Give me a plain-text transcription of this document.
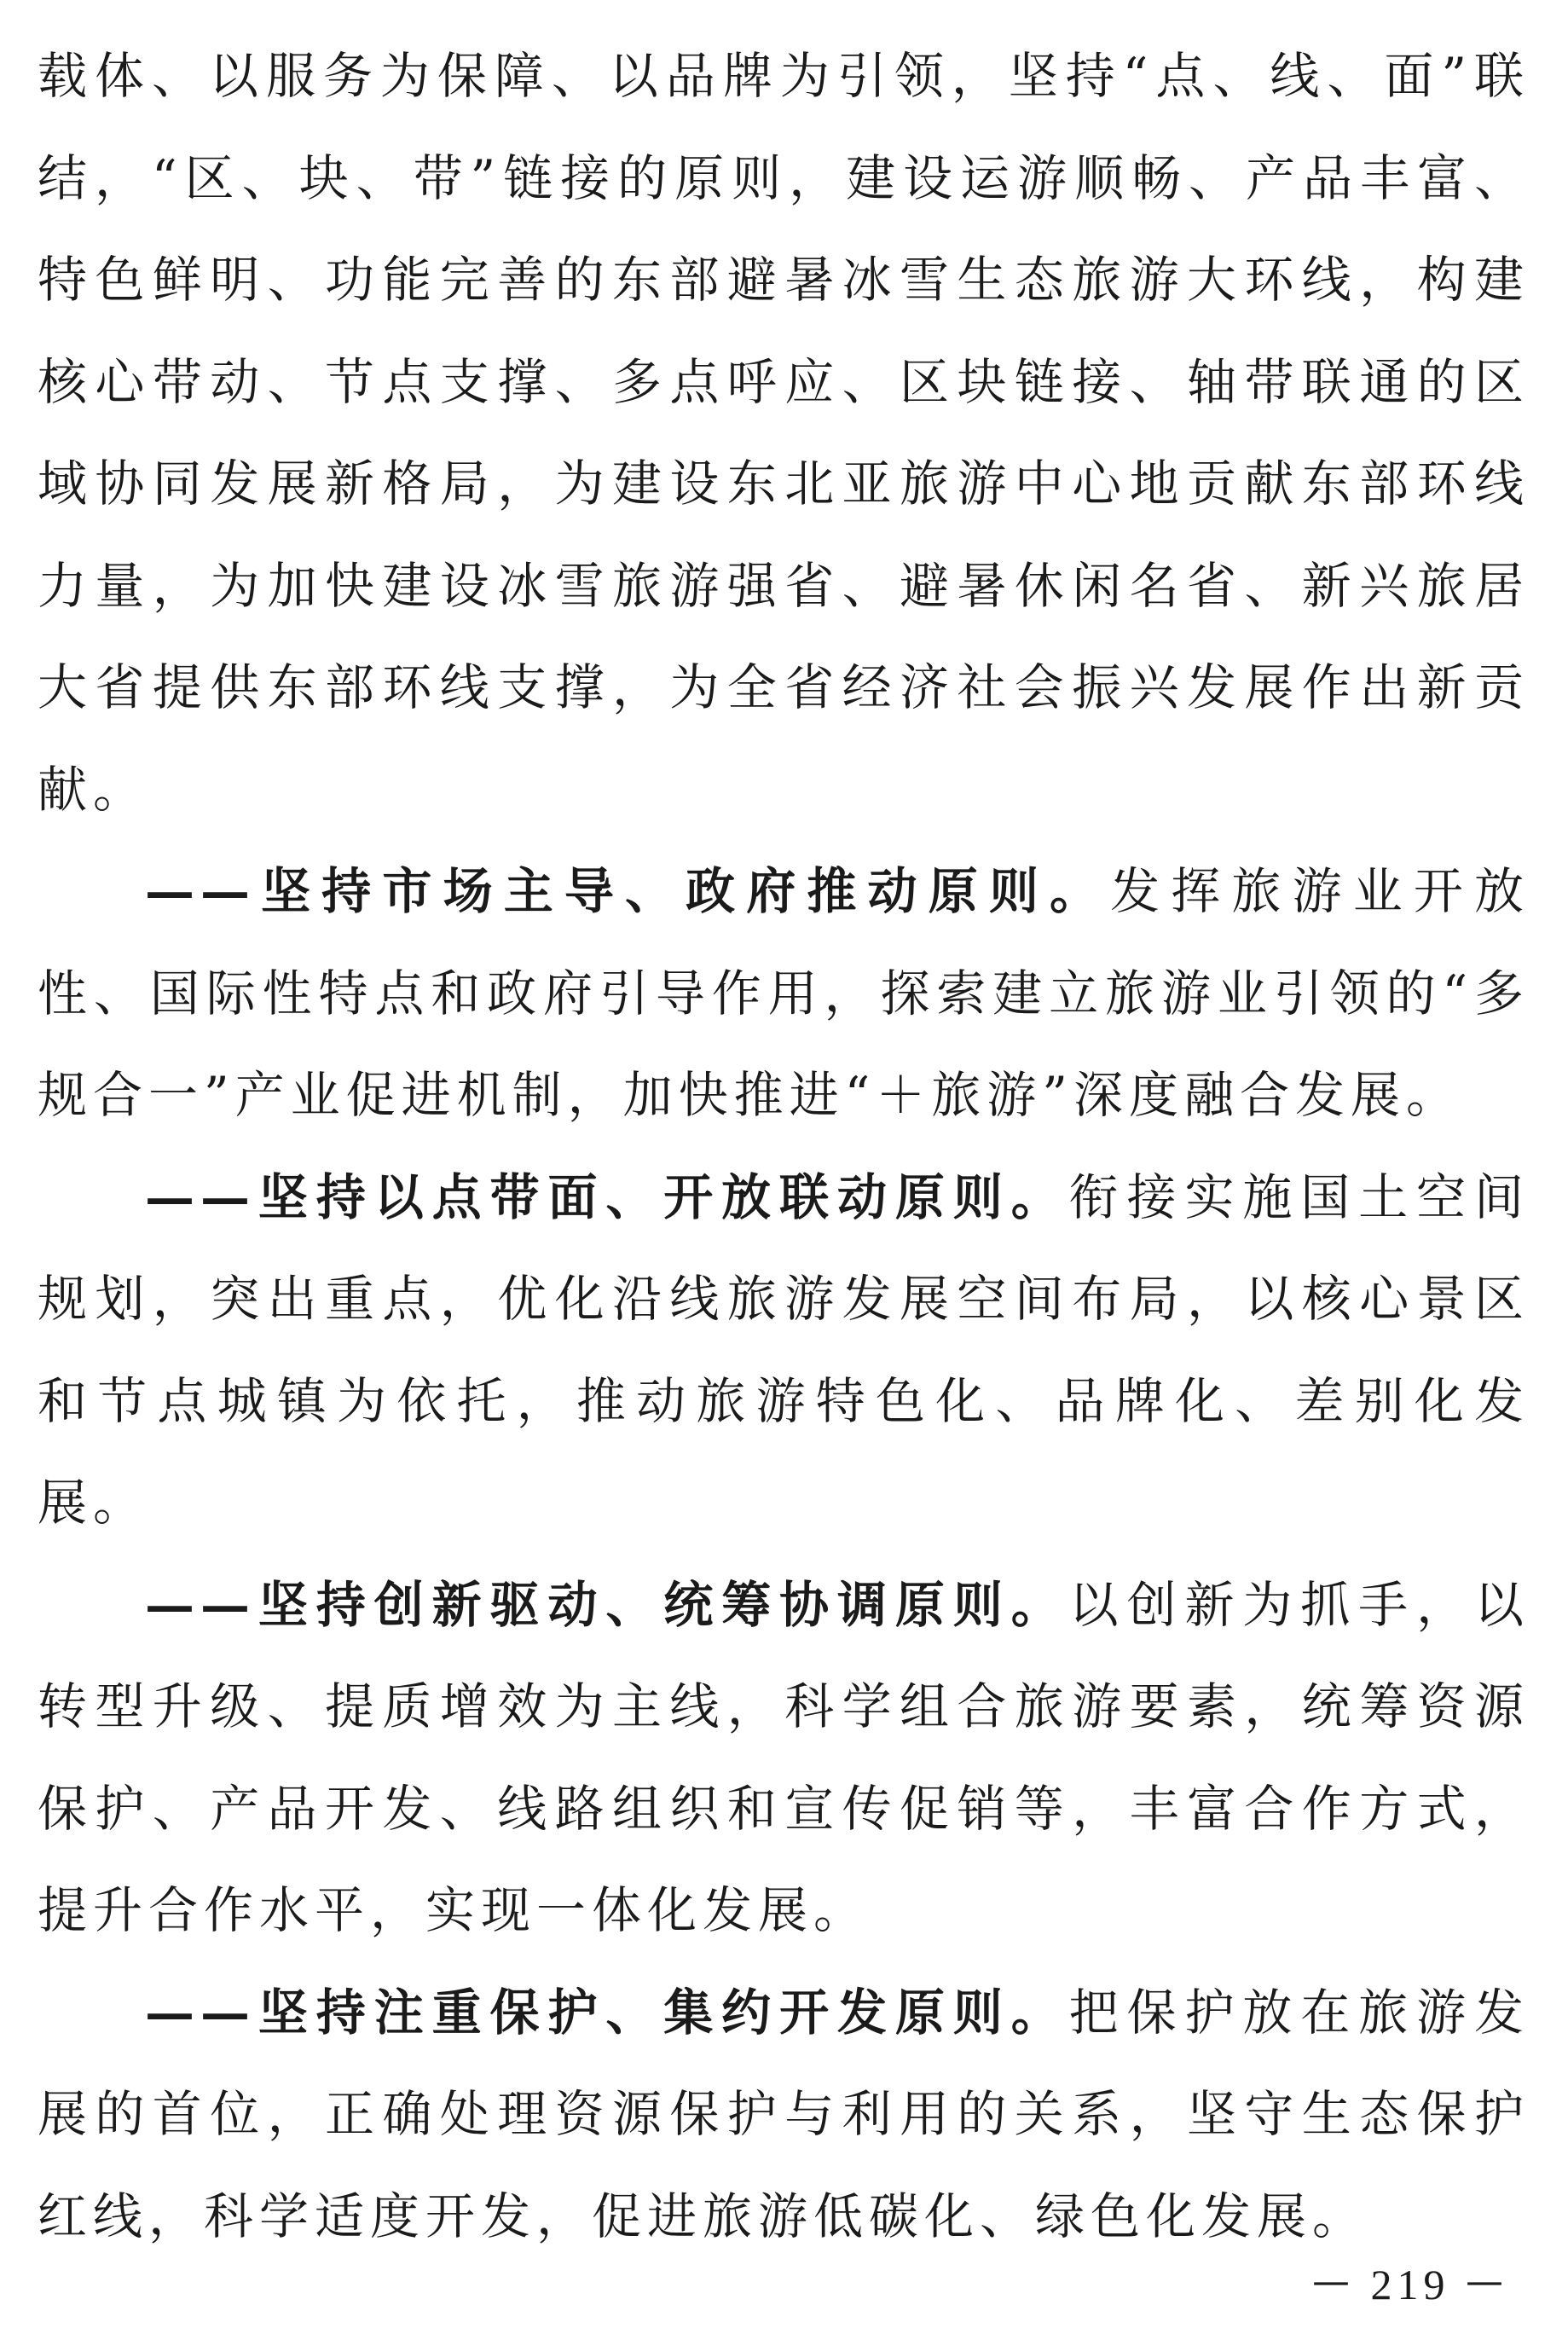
载体、以服务为保障、以品牌为引领，坚持“点、线、面”联结，“区、块、带”链接的原则，建设运游顺畅、产品丰富、特色鲜明、功能完善的东部避暑冰雪生态旅游大环线，构建核心带动、节点支撑、多点呼应、区块链接、轴带联通的区域协同发展新格局，为建设东北亚旅游中心地贡献东部环线力量，为加快建设冰雪旅游强省、避暑休闲名省、新兴旅居大省提供东部环线支撑，为全省经济社会振兴发展作出新贡献。

——坚持市场主导、政府推动原则。发挥旅游业开放性、国际性特点和政府引导作用，探索建立旅游业引领的“多规合一”产业促进机制，加快推进“＋旅游”深度融合发展。

——坚持以点带面、开放联动原则。衔接实施国土空间规划，突出重点，优化沿线旅游发展空间布局，以核心景区和节点城镇为依托，推动旅游特色化、品牌化、差别化发展。

——坚持创新驱动、统筹协调原则。以创新为抓手，以转型升级、提质增效为主线，科学组合旅游要素，统筹资源保护、产品开发、线路组织和宣传促销等，丰富合作方式，提升合作水平，实现一体化发展。

——坚持注重保护、集约开发原则。把保护放在旅游发展的首位，正确处理资源保护与利用的关系，坚守生态保护红线，科学适度开发，促进旅游低碳化、绿色化发展。

— 219 —
